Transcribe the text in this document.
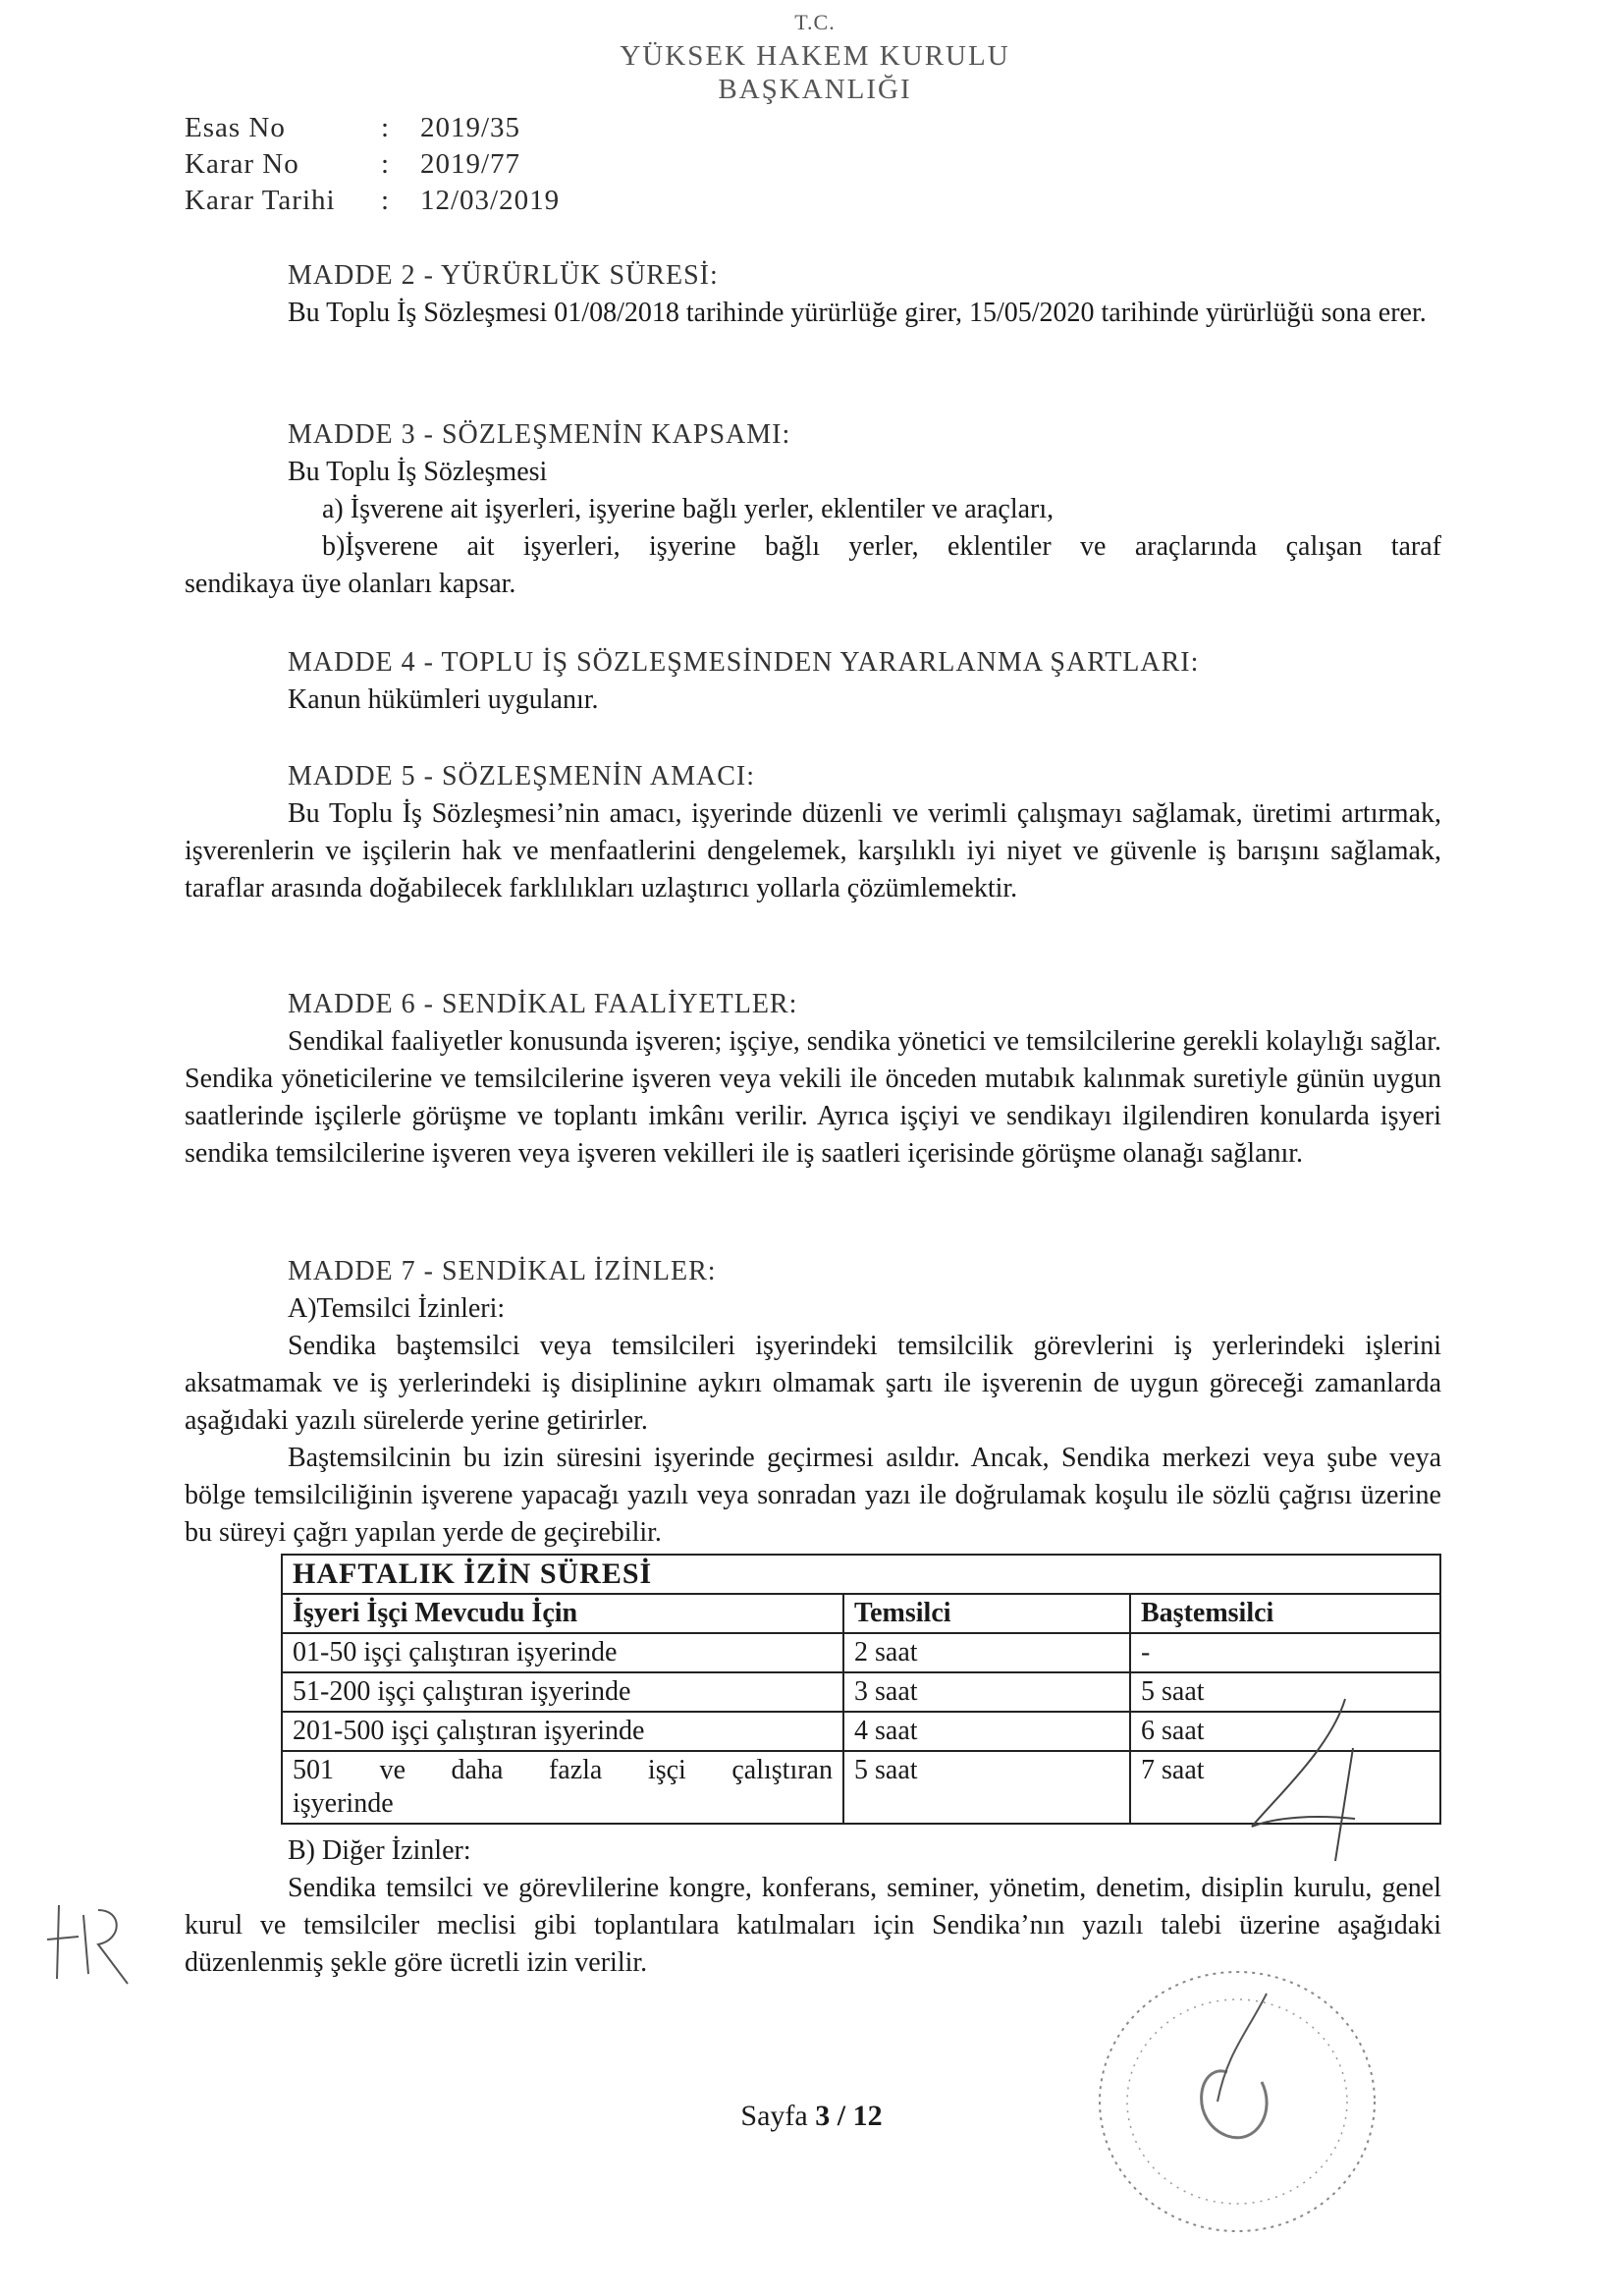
T.C.
YÜKSEK HAKEM KURULU
BAŞKANLIĞI
Esas No	:	2019/35
Karar No	:	2019/77
Karar Tarihi	:	12/03/2019
MADDE 2 - YÜRÜRLÜK SÜRESİ:
Bu Toplu İş Sözleşmesi 01/08/2018 tarihinde yürürlüğe girer, 15/05/2020 tarihinde yürürlüğü sona erer.
MADDE 3 - SÖZLEŞMENİN KAPSAMI:
Bu Toplu İş Sözleşmesi
a) İşverene ait işyerleri, işyerine bağlı yerler, eklentiler ve araçları,
b)İşverene ait işyerleri, işyerine bağlı yerler, eklentiler ve araçlarında çalışan taraf
sendikaya üye olanları kapsar.
MADDE 4 - TOPLU İŞ SÖZLEŞMESİNDEN YARARLANMA ŞARTLARI:
Kanun hükümleri uygulanır.
MADDE 5 - SÖZLEŞMENİN AMACI:
Bu Toplu İş Sözleşmesi’nin amacı, işyerinde düzenli ve verimli çalışmayı sağlamak, üretimi artırmak, işverenlerin ve işçilerin hak ve menfaatlerini dengelemek, karşılıklı iyi niyet ve güvenle iş barışını sağlamak, taraflar arasında doğabilecek farklılıkları uzlaştırıcı yollarla çözümlemektir.
MADDE 6 - SENDİKAL FAALİYETLER:
Sendikal faaliyetler konusunda işveren; işçiye, sendika yönetici ve temsilcilerine gerekli kolaylığı sağlar. Sendika yöneticilerine ve temsilcilerine işveren veya vekili ile önceden mutabık kalınmak suretiyle günün uygun saatlerinde işçilerle görüşme ve toplantı imkânı verilir. Ayrıca işçiyi ve sendikayı ilgilendiren konularda işyeri sendika temsilcilerine işveren veya işveren vekilleri ile iş saatleri içerisinde görüşme olanağı sağlanır.
MADDE 7 - SENDİKAL İZİNLER:
A)Temsilci İzinleri:
Sendika baştemsilci veya temsilcileri işyerindeki temsilcilik görevlerini iş yerlerindeki işlerini aksatmamak ve iş yerlerindeki iş disiplinine aykırı olmamak şartı ile işverenin de uygun göreceği zamanlarda aşağıdaki yazılı sürelerde yerine getirirler.
Baştemsilcinin bu izin süresini işyerinde geçirmesi asıldır. Ancak, Sendika merkezi veya şube veya bölge temsilciliğinin işverene yapacağı yazılı veya sonradan yazı ile doğrulamak koşulu ile sözlü çağrısı üzerine bu süreyi çağrı yapılan yerde de geçirebilir.
HAFTALIK İZİN SÜRESİ		
İşyeri İşçi Mevcudu İçin	Temsilci	Baştemsilci
01-50 işçi çalıştıran işyerinde	2 saat	-
51-200 işçi çalıştıran işyerinde	3 saat	5 saat
201-500 işçi çalıştıran işyerinde	4 saat	6 saat

501 ve daha fazla işçi çalıştıran
işyerinde	5 saat	7 saat
B) Diğer İzinler:
Sendika temsilci ve görevlilerine kongre, konferans, seminer, yönetim, denetim, disiplin kurulu, genel kurul ve temsilciler meclisi gibi toplantılara katılmaları için Sendika’nın yazılı talebi üzerine aşağıdaki düzenlenmiş şekle göre ücretli izin verilir.
Sayfa 3 / 12
